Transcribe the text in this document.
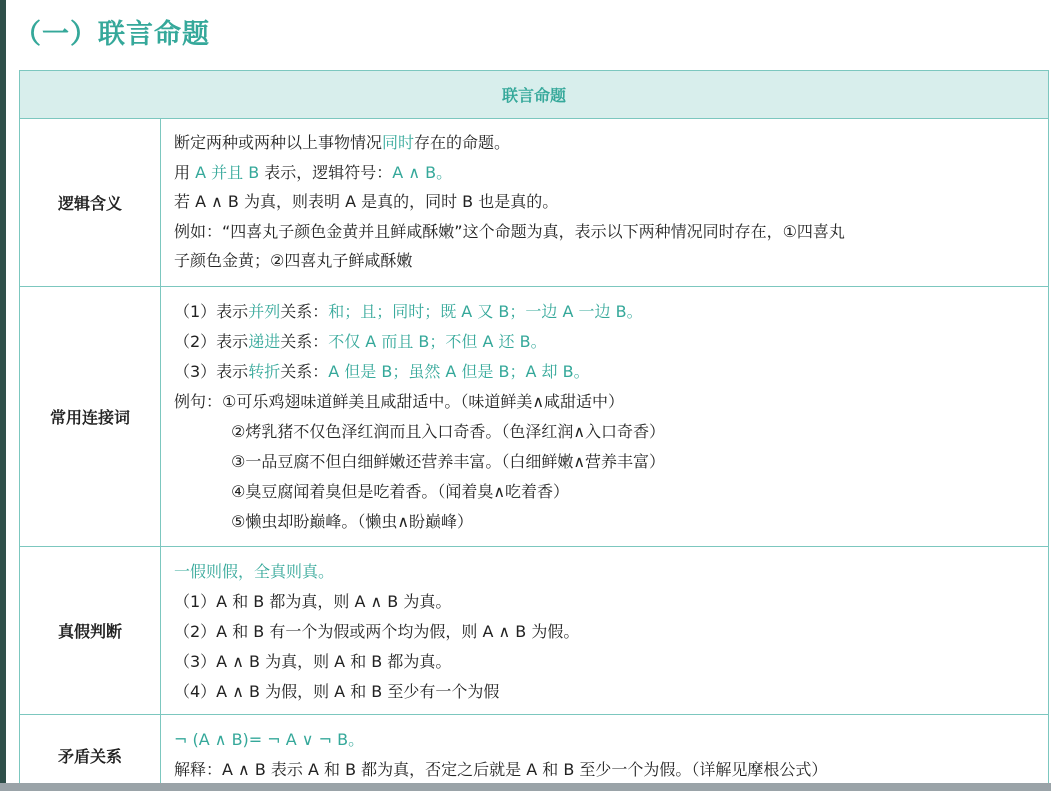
（一）联言命题
联言命题
逻辑含义
断定两种或两种以上事物情况同时存在的命题。
用 A 并且 B 表示，逻辑符号：A ∧ B。
若 A ∧ B 为真，则表明 A 是真的，同时 B 也是真的。
例如：“四喜丸子颜色金黄并且鲜咸酥嫩”这个命题为真，表示以下两种情况同时存在，①四喜丸
子颜色金黄；②四喜丸子鲜咸酥嫩
常用连接词
（1）表示并列关系：和；且；同时；既 A 又 B；一边 A 一边 B。
（2）表示递进关系：不仅 A 而且 B；不但 A 还 B。
（3）表示转折关系：A 但是 B；虽然 A 但是 B；A 却 B。
例句：①可乐鸡翅味道鲜美且咸甜适中。（味道鲜美∧咸甜适中）
②烤乳猪不仅色泽红润而且入口奇香。（色泽红润∧入口奇香）
③一品豆腐不但白细鲜嫩还营养丰富。（白细鲜嫩∧营养丰富）
④臭豆腐闻着臭但是吃着香。（闻着臭∧吃着香）
⑤懒虫却盼巅峰。（懒虫∧盼巅峰）
真假判断
一假则假，全真则真。
（1）A 和 B 都为真，则 A ∧ B 为真。
（2）A 和 B 有一个为假或两个均为假，则 A ∧ B 为假。
（3）A ∧ B 为真，则 A 和 B 都为真。
（4）A ∧ B 为假，则 A 和 B 至少有一个为假
矛盾关系
¬ (A ∧ B)= ¬ A ∨ ¬ B。
解释：A ∧ B 表示 A 和 B 都为真，否定之后就是 A 和 B 至少一个为假。（详解见摩根公式）
